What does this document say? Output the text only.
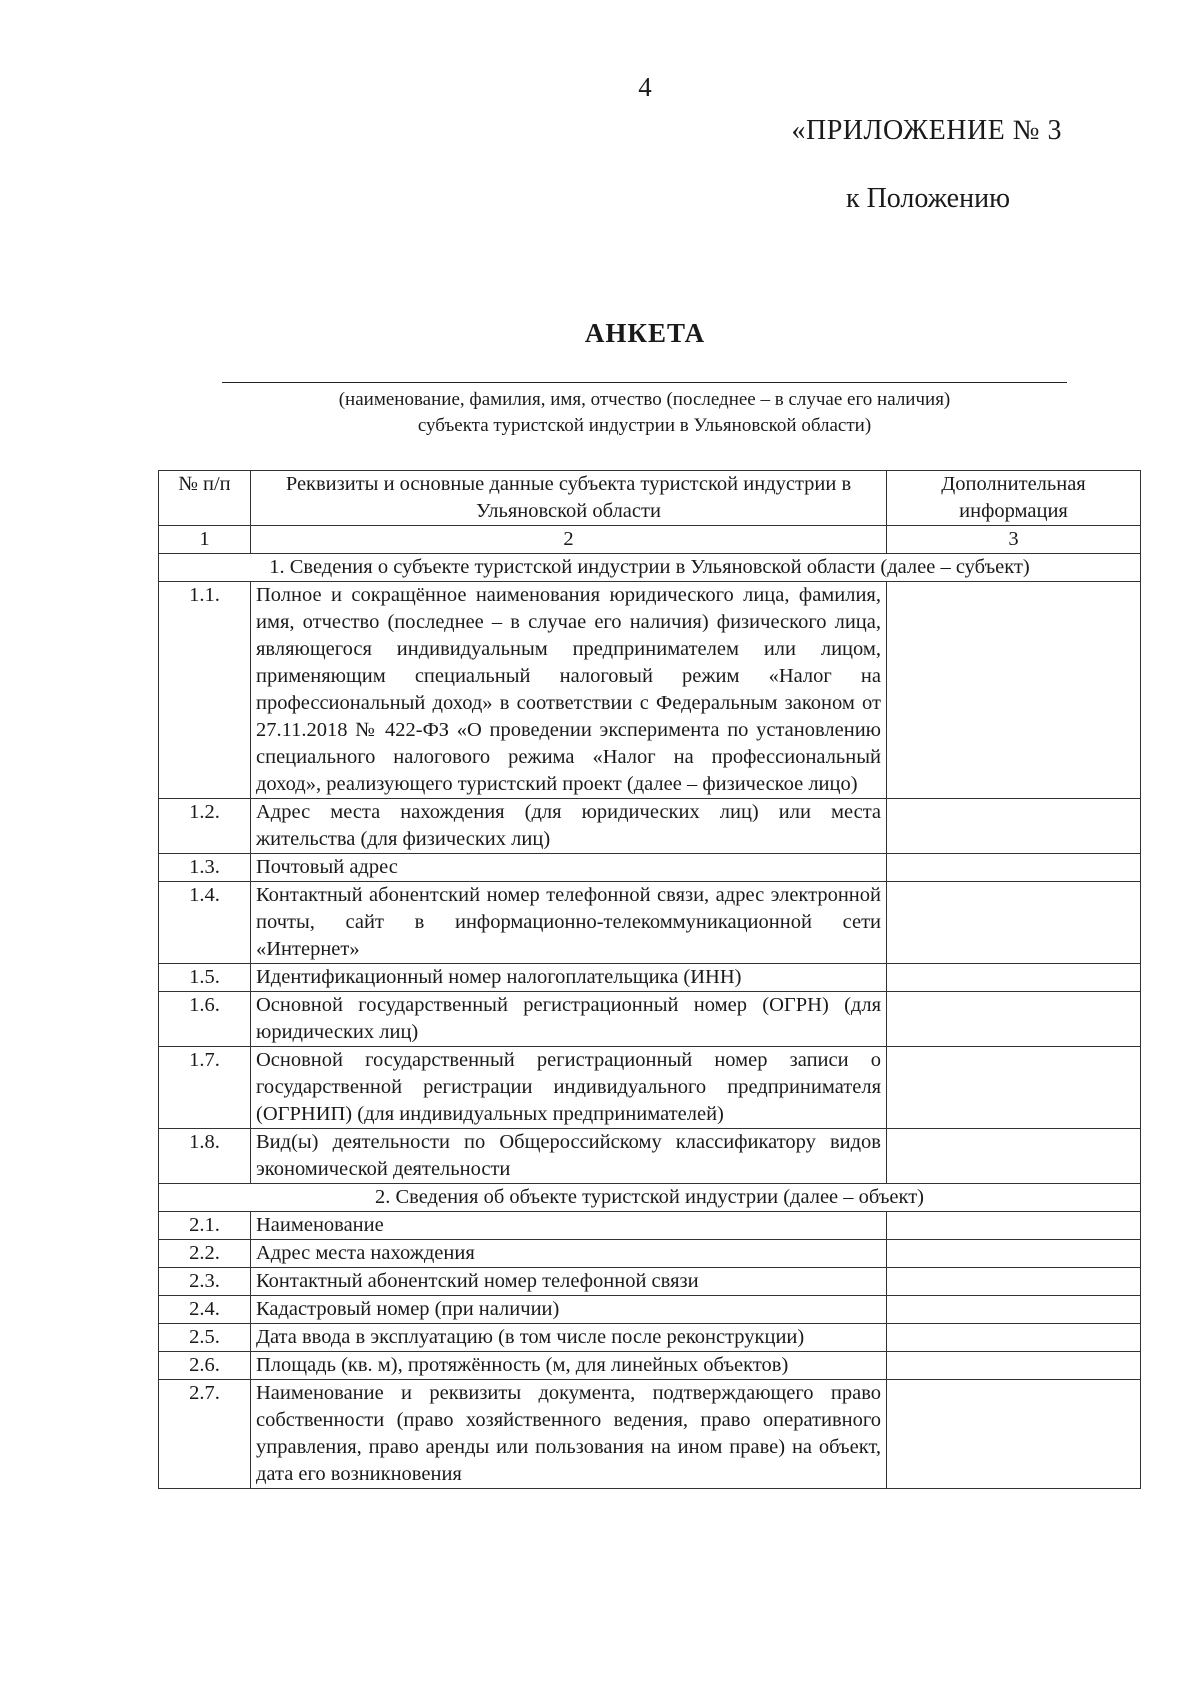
4
«ПРИЛОЖЕНИЕ № 3
к Положению
АНКЕТА
(наименование, фамилия, имя, отчество (последнее – в случае его наличия)
субъекта туристской индустрии в Ульяновской области)
№ п/п	Реквизиты и основные данные субъекта туристской индустрии в Ульяновской области	Дополнительная информация
1	2	3
1. Сведения о субъекте туристской индустрии в Ульяновской области (далее – субъект)		
1.1.	Полное и сокращённое наименования юридического лица, фамилия, имя, отчество (последнее – в случае его наличия) физического лица, являющегося индивидуальным предпринимателем или лицом, применяющим специальный налоговый режим «Налог на профессиональный доход» в соответствии с Федеральным законом от 27.11.2018 № 422-ФЗ «О проведении эксперимента по установлению специального налогового режима «Налог на профессиональный доход», реализующего туристский проект (далее – физическое лицо)	
1.2.	Адрес места нахождения (для юридических лиц) или места жительства (для физических лиц)	
1.3.	Почтовый адрес	
1.4.	Контактный абонентский номер телефонной связи, адрес электронной почты, сайт в информационно-телекоммуникационной сети «Интернет»	
1.5.	Идентификационный номер налогоплательщика (ИНН)	
1.6.	Основной государственный регистрационный номер (ОГРН) (для юридических лиц)	
1.7.	Основной государственный регистрационный номер записи о государственной регистрации индивидуального предпринимателя (ОГРНИП) (для индивидуальных предпринимателей)	
1.8.	Вид(ы) деятельности по Общероссийскому классификатору видов экономической деятельности	
2. Сведения об объекте туристской индустрии (далее – объект)		
2.1.	Наименование	
2.2.	Адрес места нахождения	
2.3.	Контактный абонентский номер телефонной связи	
2.4.	Кадастровый номер (при наличии)	
2.5.	Дата ввода в эксплуатацию (в том числе после реконструкции)	
2.6.	Площадь (кв. м), протяжённость (м, для линейных объектов)	
2.7.	Наименование и реквизиты документа, подтверждающего право собственности (право хозяйственного ведения, право оперативного управления, право аренды или пользования на ином праве) на объект, дата его возникновения	
